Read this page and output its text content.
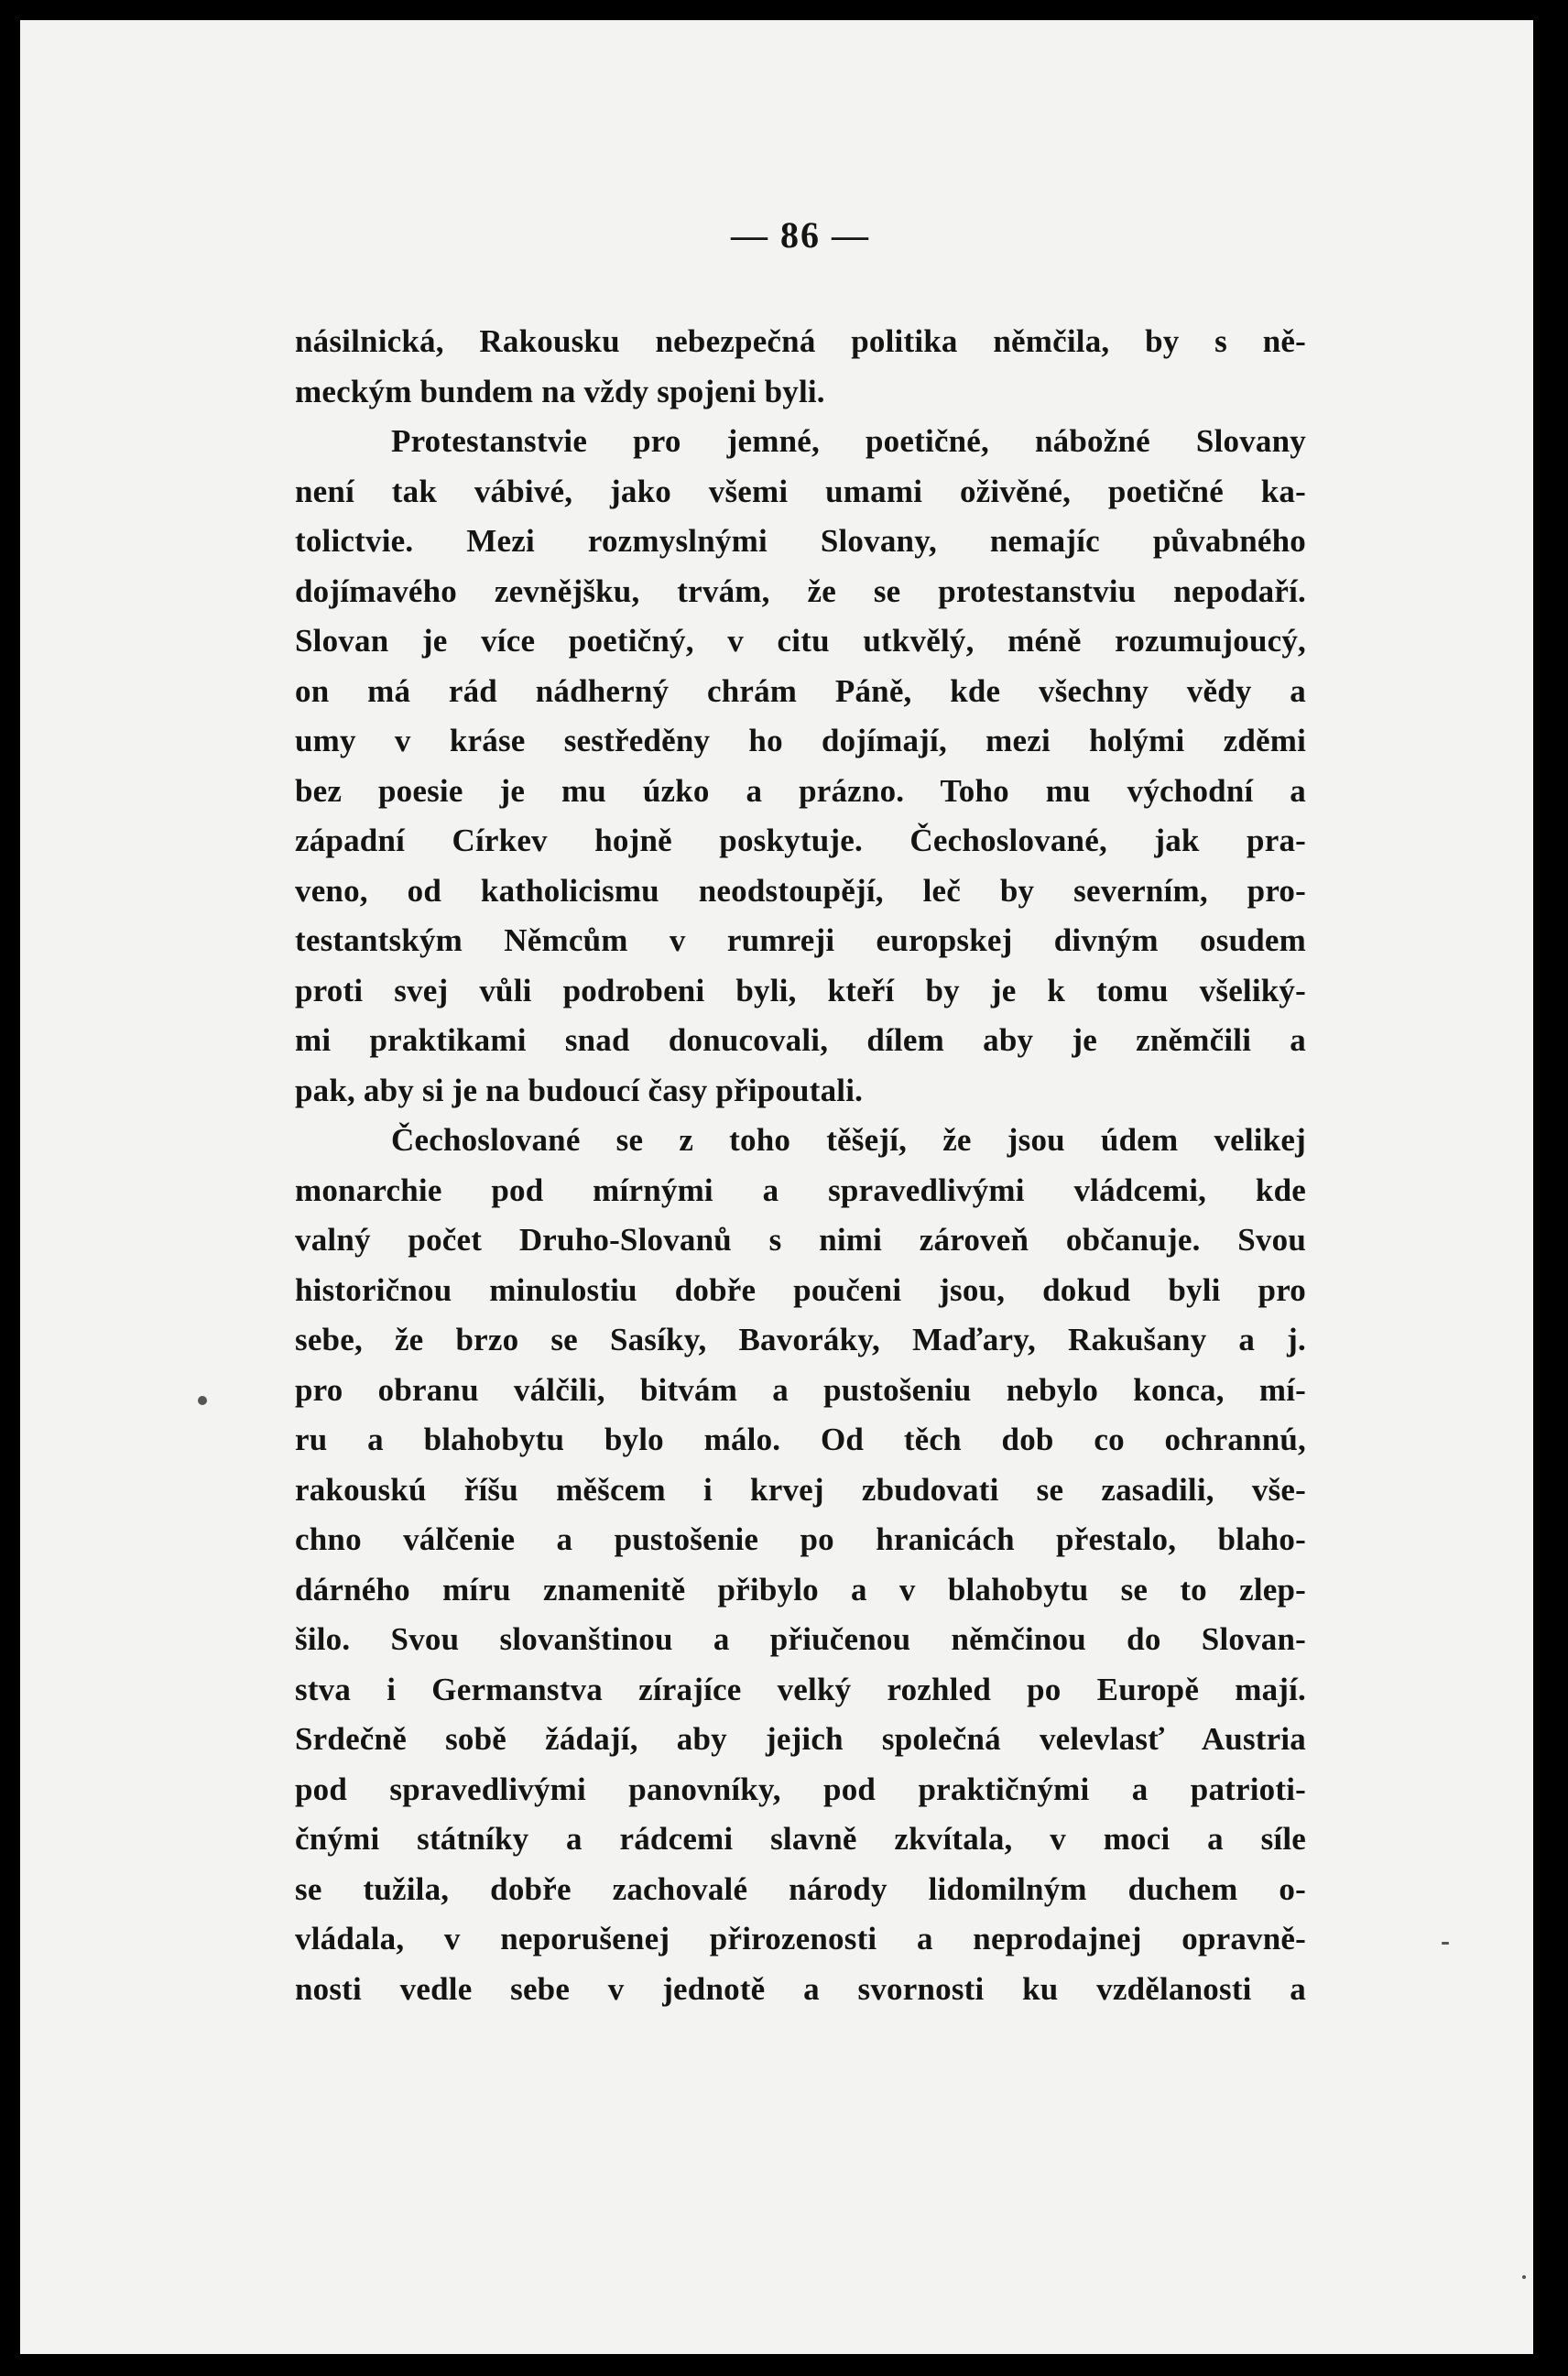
— 86 —
násilnická, Rakousku nebezpečná politika němčila, by s ně-
meckým bundem na vždy spojeni byli.
Protestanstvie pro jemné, poetičné, nábožné Slovany
není tak vábivé, jako všemi umami oživěné, poetičné ka-
tolictvie. Mezi rozmyslnými Slovany, nemajíc půvabného
dojímavého zevnějšku, trvám, že se protestanstviu nepodaří.
Slovan je více poetičný, v citu utkvělý, méně rozumujoucý,
on má rád nádherný chrám Páně, kde všechny vědy a
umy v kráse sestředěny ho dojímají, mezi holými zděmi
bez poesie je mu úzko a prázno. Toho mu východní a
západní Církev hojně poskytuje. Čechoslované, jak pra-
veno, od katholicismu neodstoupějí, leč by severním, pro-
testantským Němcům v rumreji europskej divným osudem
proti svej vůli podrobeni byli, kteří by je k tomu všeliký-
mi praktikami snad donucovali, dílem aby je zněmčili a
pak, aby si je na budoucí časy připoutali.
Čechoslované se z toho těšejí, že jsou údem velikej
monarchie pod mírnými a spravedlivými vládcemi, kde
valný počet Druho-Slovanů s nimi zároveň občanuje. Svou
historičnou minulostiu dobře poučeni jsou, dokud byli pro
sebe, že brzo se Sasíky, Bavoráky, Maďary, Rakušany a j.
pro obranu válčili, bitvám a pustošeniu nebylo konca, mí-
ru a blahobytu bylo málo. Od těch dob co ochrannú,
rakouskú říšu měšcem i krvej zbudovati se zasadili, vše-
chno válčenie a pustošenie po hranicách přestalo, blaho-
dárného míru znamenitě přibylo a v blahobytu se to zlep-
šilo. Svou slovanštinou a přiučenou němčinou do Slovan-
stva i Germanstva zírajíce velký rozhled po Europě mají.
Srdečně sobě žádají, aby jejich společná velevlasť Austria
pod spravedlivými panovníky, pod praktičnými a patrioti-
čnými státníky a rádcemi slavně zkvítala, v moci a síle
se tužila, dobře zachovalé národy lidomilným duchem o-
vládala, v neporušenej přirozenosti a neprodajnej opravně-
nosti vedle sebe v jednotě a svornosti ku vzdělanosti a
